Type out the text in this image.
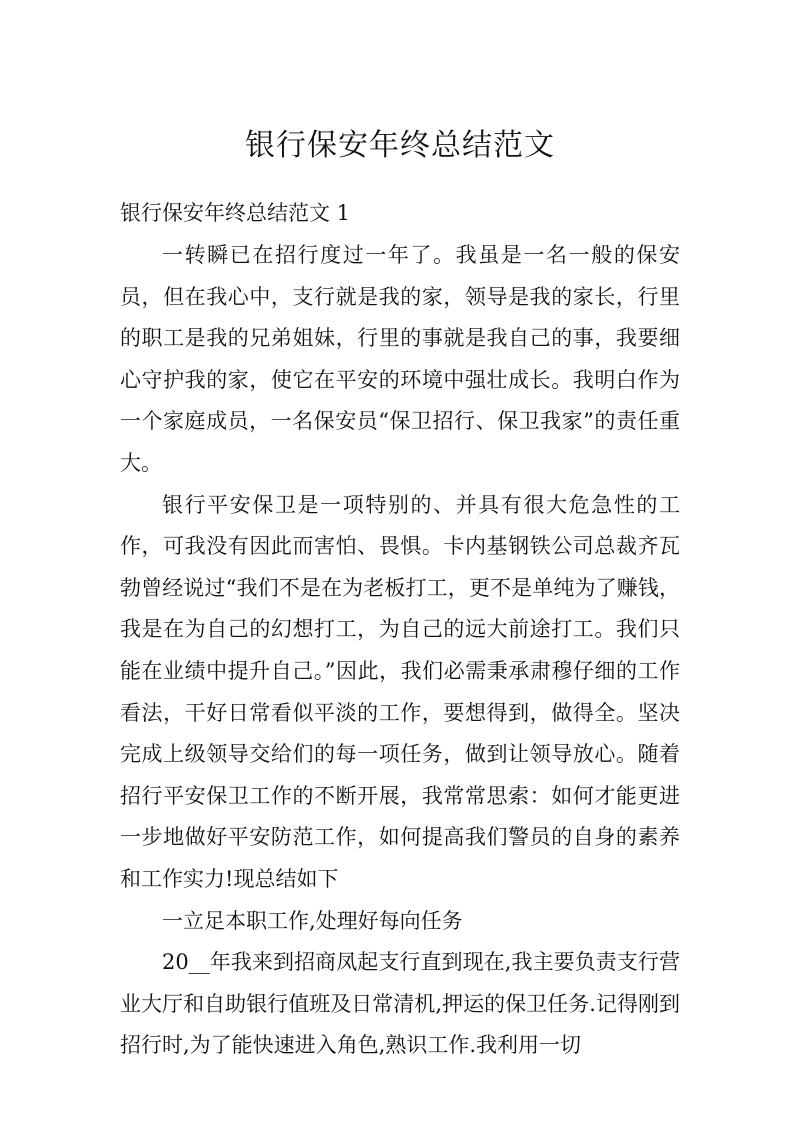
银行保安年终总结范文

银行保安年终总结范文 1

一转瞬已在招行度过一年了。我虽是一名一般的保安员，但在我心中，支行就是我的家，领导是我的家长，行里的职工是我的兄弟姐妹，行里的事就是我自己的事，我要细心守护我的家，使它在平安的环境中强壮成长。我明白作为一个家庭成员，一名保安员“保卫招行、保卫我家”的责任重大。

银行平安保卫是一项特别的、并具有很大危急性的工作，可我没有因此而害怕、畏惧。卡内基钢铁公司总裁齐瓦勃曾经说过“我们不是在为老板打工，更不是单纯为了赚钱，我是在为自己的幻想打工，为自己的远大前途打工。我们只能在业绩中提升自己。”因此，我们必需秉承肃穆仔细的工作看法，干好日常看似平淡的工作，要想得到，做得全。坚决完成上级领导交给们的每一项任务，做到让领导放心。随着招行平安保卫工作的不断开展，我常常思索：如何才能更进一步地做好平安防范工作，如何提高我们警员的自身的素养和工作实力!现总结如下

一立足本职工作,处理好每向任务

20__年我来到招商凤起支行直到现在,我主要负责支行营业大厅和自助银行值班及日常清机,押运的保卫任务.记得刚到招行时,为了能快速进入角色,熟识工作.我利用一切
